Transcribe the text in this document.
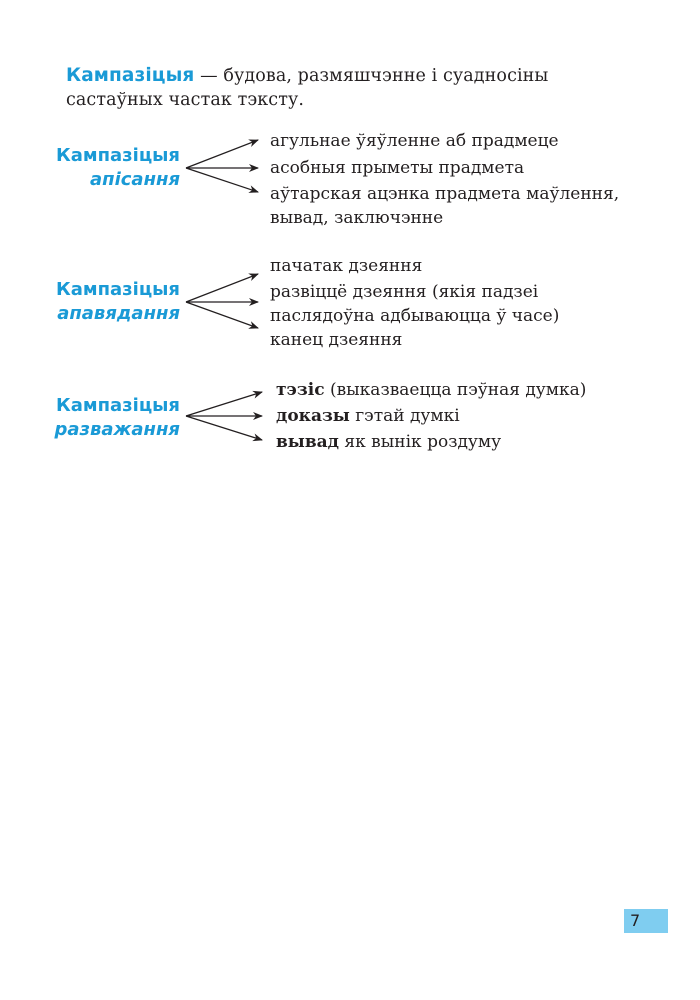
Кампазіцыя — будова, размяшчэнне і суадносіны састаўных частак тэксту.
Кампазіцыя
апісання
агульнае ўяўленне аб прадмеце
асобныя прыметы прадмета
аўтарская ацэнка прадмета маўлення,
вывад, заключэнне
Кампазіцыя
апавядання
пачатак дзеяння
развіццё дзеяння (якія падзеі
паслядоўна адбываюцца ў часе)
канец дзеяння
Кампазіцыя
разважання
тэзіс (выказваецца пэўная думка)
доказы гэтай думкі
вывад як вынік роздуму
7
